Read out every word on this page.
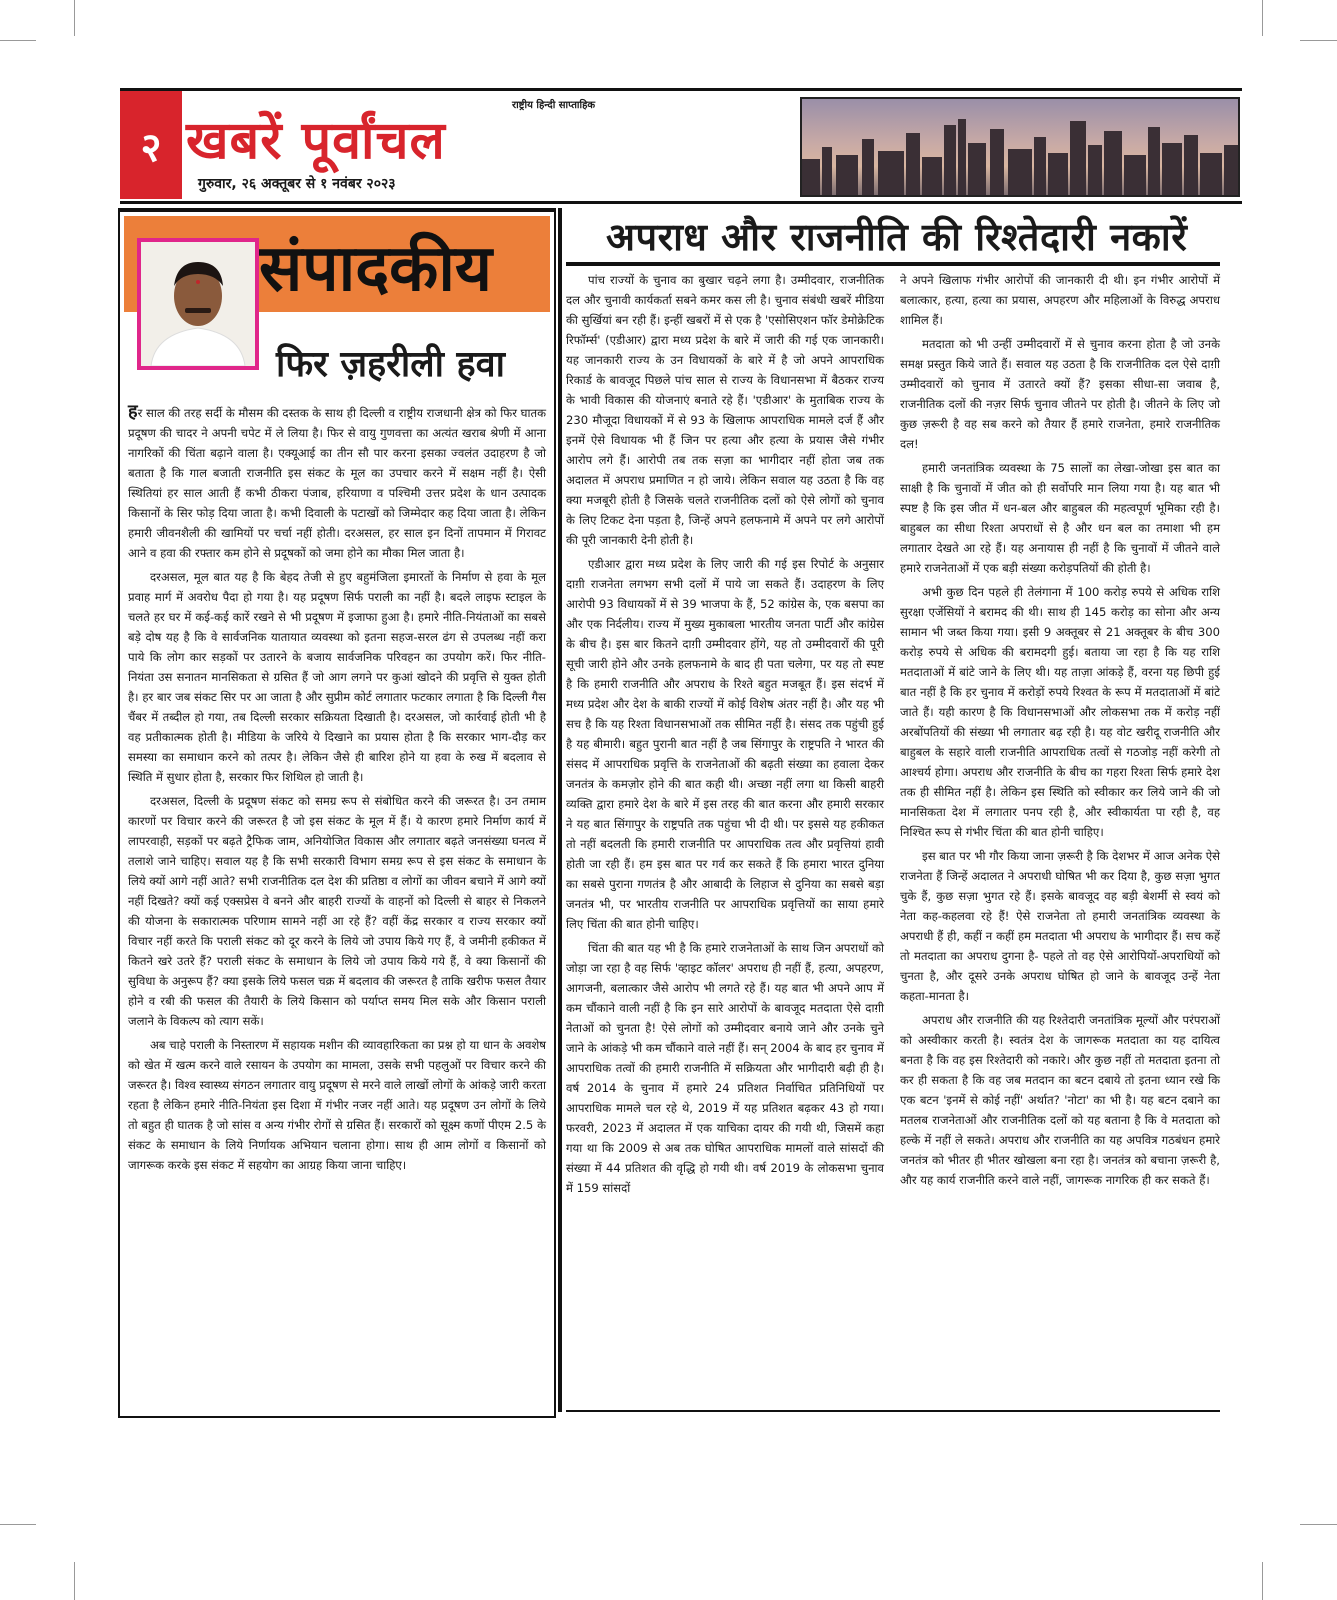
२
राष्ट्रीय हिन्दी साप्ताहिक
खबरें पूर्वांचल
गुरुवार, २६ अक्तूबर से १ नवंबर २०२३
संपादकीय
फिर ज़हरीली हवा

हर साल की तरह सर्दी के मौसम की दस्तक के साथ ही दिल्ली व राष्ट्रीय राजधानी क्षेत्र को फिर घातक प्रदूषण की चादर ने अपनी चपेट में ले लिया है। फिर से वायु गुणवत्ता का अत्यंत खराब श्रेणी में आना नागरिकों की चिंता बढ़ाने वाला है। एक्यूआई का तीन सौ पार करना इसका ज्वलंत उदाहरण है जो बताता है कि गाल बजाती राजनीति इस संकट के मूल का उपचार करने में सक्षम नहीं है। ऐसी स्थितियां हर साल आती हैं कभी ठीकरा पंजाब, हरियाणा व पश्चिमी उत्तर प्रदेश के धान उत्पादक किसानों के सिर फोड़ दिया जाता है। कभी दिवाली के पटाखों को जिम्मेदार कह दिया जाता है। लेकिन हमारी जीवनशैली की खामियों पर चर्चा नहीं होती। दरअसल, हर साल इन दिनों तापमान में गिरावट आने व हवा की रफ्तार कम होने से प्रदूषकों को जमा होने का मौका मिल जाता है।

दरअसल, मूल बात यह है कि बेहद तेजी से हुए बहुमंजिला इमारतों के निर्माण से हवा के मूल प्रवाह मार्ग में अवरोध पैदा हो गया है। यह प्रदूषण सिर्फ पराली का नहीं है। बदले लाइफ स्टाइल के चलते हर घर में कई-कई कारें रखने से भी प्रदूषण में इजाफा हुआ है। हमारे नीति-नियंताओं का सबसे बड़े दोष यह है कि वे सार्वजनिक यातायात व्यवस्था को इतना सहज-सरल ढंग से उपलब्ध नहीं करा पाये कि लोग कार सड़कों पर उतारने के बजाय सार्वजनिक परिवहन का उपयोग करें। फिर नीति-नियंता उस सनातन मानसिकता से ग्रसित हैं जो आग लगने पर कुआं खोदने की प्रवृत्ति से युक्त होती है। हर बार जब संकट सिर पर आ जाता है और सुप्रीम कोर्ट लगातार फटकार लगाता है कि दिल्ली गैस चैंबर में तब्दील हो गया, तब दिल्ली सरकार सक्रियता दिखाती है। दरअसल, जो कार्रवाई होती भी है वह प्रतीकात्मक होती है। मीडिया के जरिये ये दिखाने का प्रयास होता है कि सरकार भाग-दौड़ कर समस्या का समाधान करने को तत्पर है। लेकिन जैसे ही बारिश होने या हवा के रुख में बदलाव से स्थिति में सुधार होता है, सरकार फिर शिथिल हो जाती है।

दरअसल, दिल्ली के प्रदूषण संकट को समग्र रूप से संबोधित करने की जरूरत है। उन तमाम कारणों पर विचार करने की जरूरत है जो इस संकट के मूल में हैं। ये कारण हमारे निर्माण कार्य में लापरवाही, सड़कों पर बढ़ते ट्रैफिक जाम, अनियोजित विकास और लगातार बढ़ते जनसंख्या घनत्व में तलाशे जाने चाहिए। सवाल यह है कि सभी सरकारी विभाग समग्र रूप से इस संकट के समाधान के लिये क्यों आगे नहीं आते? सभी राजनीतिक दल देश की प्रतिष्ठा व लोगों का जीवन बचाने में आगे क्यों नहीं दिखते? क्यों कई एक्सप्रेस वे बनने और बाहरी राज्यों के वाहनों को दिल्ली से बाहर से निकलने की योजना के सकारात्मक परिणाम सामने नहीं आ रहे हैं? वहीं केंद्र सरकार व राज्य सरकार क्यों विचार नहीं करते कि पराली संकट को दूर करने के लिये जो उपाय किये गए हैं, वे जमीनी हकीकत में कितने खरे उतरे हैं? पराली संकट के समाधान के लिये जो उपाय किये गये हैं, वे क्या किसानों की सुविधा के अनुरूप हैं? क्या इसके लिये फसल चक्र में बदलाव की जरूरत है ताकि खरीफ फसल तैयार होने व रबी की फसल की तैयारी के लिये किसान को पर्याप्त समय मिल सके और किसान पराली जलाने के विकल्प को त्याग सकें।

अब चाहे पराली के निस्तारण में सहायक मशीन की व्यावहारिकता का प्रश्न हो या धान के अवशेष को खेत में खत्म करने वाले रसायन के उपयोग का मामला, उसके सभी पहलुओं पर विचार करने की जरूरत है। विश्व स्वास्थ्य संगठन लगातार वायु प्रदूषण से मरने वाले लाखों लोगों के आंकड़े जारी करता रहता है लेकिन हमारे नीति-नियंता इस दिशा में गंभीर नजर नहीं आते। यह प्रदूषण उन लोगों के लिये तो बहुत ही घातक है जो सांस व अन्य गंभीर रोगों से ग्रसित हैं। सरकारों को सूक्ष्म कणों पीएम 2.5 के संकट के समाधान के लिये निर्णायक अभियान चलाना होगा। साथ ही आम लोगों व किसानों को जागरूक करके इस संकट में सहयोग का आग्रह किया जाना चाहिए।

अपराध और राजनीति की रिश्तेदारी नकारें

पांच राज्यों के चुनाव का बुखार चढ़ने लगा है। उम्मीदवार, राजनीतिक दल और चुनावी कार्यकर्ता सबने कमर कस ली है। चुनाव संबंधी खबरें मीडिया की सुर्खियां बन रही हैं। इन्हीं खबरों में से एक है 'एसोसिएशन फॉर डेमोक्रेटिक रिफॉर्म्स' (एडीआर) द्वारा मध्य प्रदेश के बारे में जारी की गई एक जानकारी। यह जानकारी राज्य के उन विधायकों के बारे में है जो अपने आपराधिक रिकार्ड के बावजूद पिछले पांच साल से राज्य के विधानसभा में बैठकर राज्य के भावी विकास की योजनाएं बनाते रहे हैं। 'एडीआर' के मुताबिक राज्य के 230 मौजूदा विधायकों में से 93 के खिलाफ आपराधिक मामले दर्ज हैं और इनमें ऐसे विधायक भी हैं जिन पर हत्या और हत्या के प्रयास जैसे गंभीर आरोप लगे हैं। आरोपी तब तक सज़ा का भागीदार नहीं होता जब तक अदालत में अपराध प्रमाणित न हो जाये। लेकिन सवाल यह उठता है कि वह क्या मजबूरी होती है जिसके चलते राजनीतिक दलों को ऐसे लोगों को चुनाव के लिए टिकट देना पड़ता है, जिन्हें अपने हलफनामे में अपने पर लगे आरोपों की पूरी जानकारी देनी होती है।

एडीआर द्वारा मध्य प्रदेश के लिए जारी की गई इस रिपोर्ट के अनुसार दाग़ी राजनेता लगभग सभी दलों में पाये जा सकते हैं। उदाहरण के लिए आरोपी 93 विधायकों में से 39 भाजपा के हैं, 52 कांग्रेस के, एक बसपा का और एक निर्दलीय। राज्य में मुख्य मुकाबला भारतीय जनता पार्टी और कांग्रेस के बीच है। इस बार कितने दाग़ी उम्मीदवार होंगे, यह तो उम्मीदवारों की पूरी सूची जारी होने और उनके हलफनामे के बाद ही पता चलेगा, पर यह तो स्पष्ट है कि हमारी राजनीति और अपराध के रिश्ते बहुत मजबूत हैं। इस संदर्भ में मध्य प्रदेश और देश के बाकी राज्यों में कोई विशेष अंतर नहीं है। और यह भी सच है कि यह रिश्ता विधानसभाओं तक सीमित नहीं है। संसद तक पहुंची हुई है यह बीमारी। बहुत पुरानी बात नहीं है जब सिंगापुर के राष्ट्रपति ने भारत की संसद में आपराधिक प्रवृत्ति के राजनेताओं की बढ़ती संख्या का हवाला देकर जनतंत्र के कमज़ोर होने की बात कही थी। अच्छा नहीं लगा था किसी बाहरी व्यक्ति द्वारा हमारे देश के बारे में इस तरह की बात करना और हमारी सरकार ने यह बात सिंगापुर के राष्ट्रपति तक पहुंचा भी दी थी। पर इससे यह हकीकत तो नहीं बदलती कि हमारी राजनीति पर आपराधिक तत्व और प्रवृत्तियां हावी होती जा रही हैं। हम इस बात पर गर्व कर सकते हैं कि हमारा भारत दुनिया का सबसे पुराना गणतंत्र है और आबादी के लिहाज से दुनिया का सबसे बड़ा जनतंत्र भी, पर भारतीय राजनीति पर आपराधिक प्रवृत्तियों का साया हमारे लिए चिंता की बात होनी चाहिए।

चिंता की बात यह भी है कि हमारे राजनेताओं के साथ जिन अपराधों को जोड़ा जा रहा है वह सिर्फ 'व्हाइट कॉलर' अपराध ही नहीं हैं, हत्या, अपहरण, आगजनी, बलात्कार जैसे आरोप भी लगते रहे हैं। यह बात भी अपने आप में कम चौंकाने वाली नहीं है कि इन सारे आरोपों के बावजूद मतदाता ऐसे दाग़ी नेताओं को चुनता है! ऐसे लोगों को उम्मीदवार बनाये जाने और उनके चुने जाने के आंकड़े भी कम चौंकाने वाले नहीं हैं। सन् 2004 के बाद हर चुनाव में आपराधिक तत्वों की हमारी राजनीति में सक्रियता और भागीदारी बढ़ी ही है। वर्ष 2014 के चुनाव में हमारे 24 प्रतिशत निर्वाचित प्रतिनिधियों पर आपराधिक मामले चल रहे थे, 2019 में यह प्रतिशत बढ़कर 43 हो गया। फरवरी, 2023 में अदालत में एक याचिका दायर की गयी थी, जिसमें कहा गया था कि 2009 से अब तक घोषित आपराधिक मामलों वाले सांसदों की संख्या में 44 प्रतिशत की वृद्धि हो गयी थी। वर्ष 2019 के लोकसभा चुनाव में 159 सांसदों

ने अपने खिलाफ गंभीर आरोपों की जानकारी दी थी। इन गंभीर आरोपों में बलात्कार, हत्या, हत्या का प्रयास, अपहरण और महिलाओं के विरुद्ध अपराध शामिल हैं।

मतदाता को भी उन्हीं उम्मीदवारों में से चुनाव करना होता है जो उनके समक्ष प्रस्तुत किये जाते हैं। सवाल यह उठता है कि राजनीतिक दल ऐसे दाग़ी उम्मीदवारों को चुनाव में उतारते क्यों हैं? इसका सीधा-सा जवाब है, राजनीतिक दलों की नज़र सिर्फ चुनाव जीतने पर होती है। जीतने के लिए जो कुछ ज़रूरी है वह सब करने को तैयार हैं हमारे राजनेता, हमारे राजनीतिक दल!

हमारी जनतांत्रिक व्यवस्था के 75 सालों का लेखा-जोखा इस बात का साक्षी है कि चुनावों में जीत को ही सर्वोपरि मान लिया गया है। यह बात भी स्पष्ट है कि इस जीत में धन-बल और बाहुबल की महत्वपूर्ण भूमिका रही है। बाहुबल का सीधा रिश्ता अपराधों से है और धन बल का तमाशा भी हम लगातार देखते आ रहे हैं। यह अनायास ही नहीं है कि चुनावों में जीतने वाले हमारे राजनेताओं में एक बड़ी संख्या करोड़पतियों की होती है।

अभी कुछ दिन पहले ही तेलंगाना में 100 करोड़ रुपये से अधिक राशि सुरक्षा एजेंसियों ने बरामद की थी। साथ ही 145 करोड़ का सोना और अन्य सामान भी जब्त किया गया। इसी 9 अक्तूबर से 21 अक्तूबर के बीच 300 करोड़ रुपये से अधिक की बरामदगी हुई। बताया जा रहा है कि यह राशि मतदाताओं में बांटे जाने के लिए थी। यह ताज़ा आंकड़े हैं, वरना यह छिपी हुई बात नहीं है कि हर चुनाव में करोड़ों रुपये रिश्वत के रूप में मतदाताओं में बांटे जाते हैं। यही कारण है कि विधानसभाओं और लोकसभा तक में करोड़ नहीं अरबोंपतियों की संख्या भी लगातार बढ़ रही है। यह वोट खरीदू राजनीति और बाहुबल के सहारे वाली राजनीति आपराधिक तत्वों से गठजोड़ नहीं करेगी तो आश्चर्य होगा। अपराध और राजनीति के बीच का गहरा रिश्ता सिर्फ हमारे देश तक ही सीमित नहीं है। लेकिन इस स्थिति को स्वीकार कर लिये जाने की जो मानसिकता देश में लगातार पनप रही है, और स्वीकार्यता पा रही है, वह निश्चित रूप से गंभीर चिंता की बात होनी चाहिए।

इस बात पर भी गौर किया जाना ज़रूरी है कि देशभर में आज अनेक ऐसे राजनेता हैं जिन्हें अदालत ने अपराधी घोषित भी कर दिया है, कुछ सज़ा भुगत चुके हैं, कुछ सज़ा भुगत रहे हैं। इसके बावजूद वह बड़ी बेशर्मी से स्वयं को नेता कह-कहलवा रहे हैं! ऐसे राजनेता तो हमारी जनतांत्रिक व्यवस्था के अपराधी हैं ही, कहीं न कहीं हम मतदाता भी अपराध के भागीदार हैं। सच कहें तो मतदाता का अपराध दुगना है- पहले तो वह ऐसे आरोपियों-अपराधियों को चुनता है, और दूसरे उनके अपराध घोषित हो जाने के बावजूद उन्हें नेता कहता-मानता है।

अपराध और राजनीति की यह रिश्तेदारी जनतांत्रिक मूल्यों और परंपराओं को अस्वीकार करती है। स्वतंत्र देश के जागरूक मतदाता का यह दायित्व बनता है कि वह इस रिश्तेदारी को नकारे। और कुछ नहीं तो मतदाता इतना तो कर ही सकता है कि वह जब मतदान का बटन दबाये तो इतना ध्यान रखे कि एक बटन 'इनमें से कोई नहीं' अर्थात? 'नोटा' का भी है। यह बटन दबाने का मतलब राजनेताओं और राजनीतिक दलों को यह बताना है कि वे मतदाता को हल्के में नहीं ले सकते। अपराध और राजनीति का यह अपवित्र गठबंधन हमारे जनतंत्र को भीतर ही भीतर खोखला बना रहा है। जनतंत्र को बचाना ज़रूरी है, और यह कार्य राजनीति करने वाले नहीं, जागरूक नागरिक ही कर सकते हैं।
